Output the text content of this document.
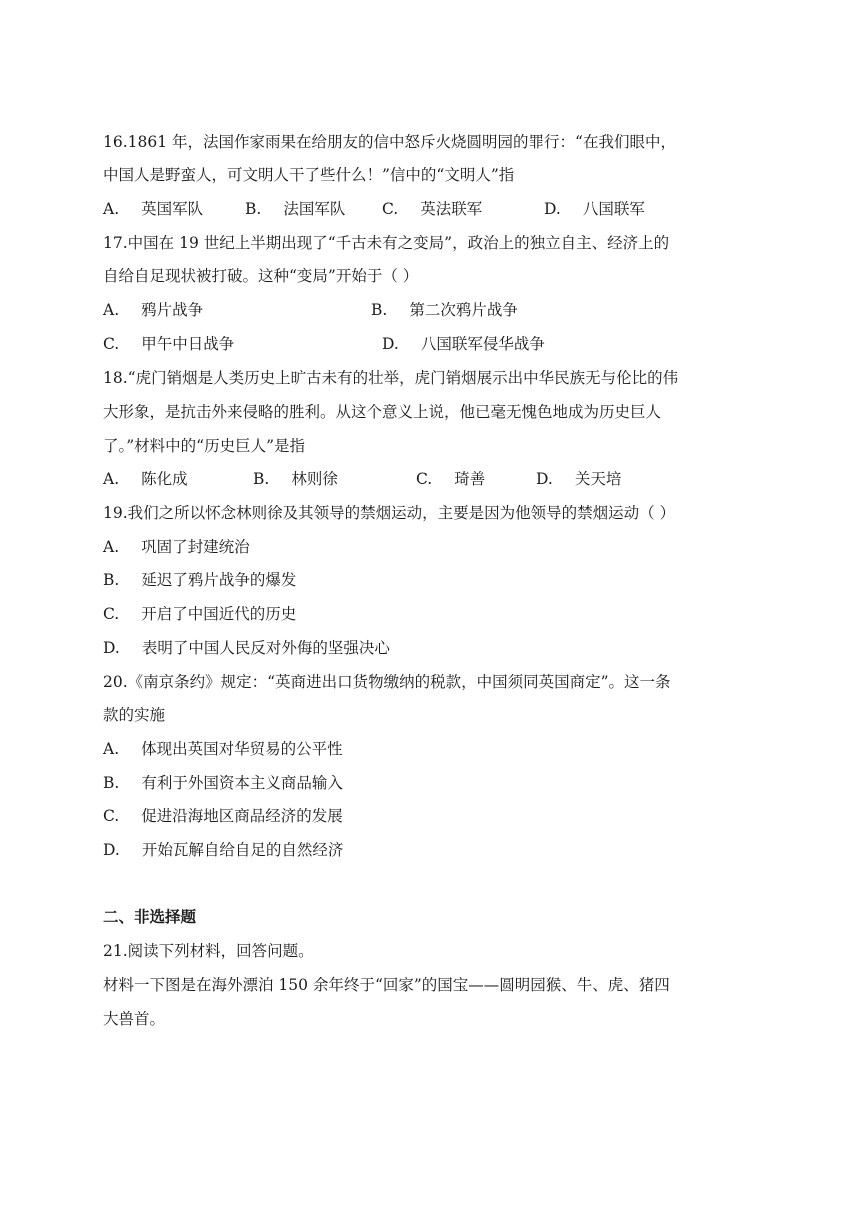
16.1861 年，法国作家雨果在给朋友的信中怒斥火烧圆明园的罪行：“在我们眼中，
中国人是野蛮人，可文明人干了些什么！”信中的“文明人”指
A. 英国军队	B. 法国军队 C. 英法联军	D. 八国联军
17.中国在 19 世纪上半期出现了“千古未有之变局”，政治上的独立自主、经济上的
自给自足现状被打破。这种“变局”开始于（ ）
A. 鸦片战争	B. 第二次鸦片战争
C. 甲午中日战争	D. 八国联军侵华战争
18.“虎门销烟是人类历史上旷古未有的壮举，虎门销烟展示出中华民族无与伦比的伟
大形象，是抗击外来侵略的胜利。从这个意义上说，他已毫无愧色地成为历史巨人
了。”材料中的“历史巨人”是指
A. 陈化成	B. 林则徐	C. 琦善	D. 关天培
19.我们之所以怀念林则徐及其领导的禁烟运动，主要是因为他领导的禁烟运动（ ）
A. 巩固了封建统治
B. 延迟了鸦片战争的爆发
C. 开启了中国近代的历史
D. 表明了中国人民反对外侮的坚强决心
20.《南京条约》规定：“英商进出口货物缴纳的税款，中国须同英国商定”。这一条
款的实施
A. 体现出英国对华贸易的公平性
B. 有利于外国资本主义商品输入
C. 促进沿海地区商品经济的发展
D. 开始瓦解自给自足的自然经济
二、非选择题
21.阅读下列材料，回答问题。
材料一下图是在海外漂泊 150 余年终于“回家”的国宝——圆明园猴、牛、虎、猪四
大兽首。
